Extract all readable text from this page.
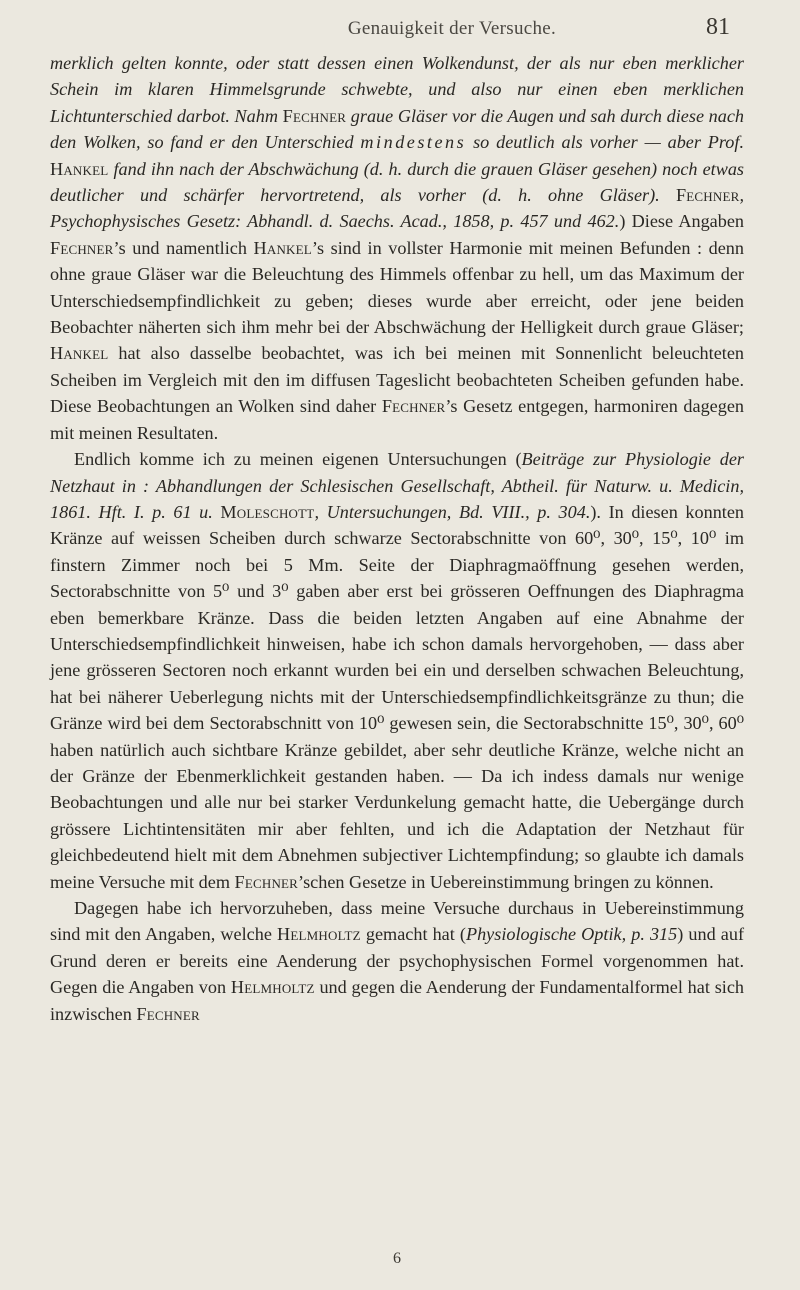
Genauigkeit der Versuche.	81

merklich gelten konnte, oder statt dessen einen Wolkendunst, der als nur eben merklicher Schein im klaren Himmelsgrunde schwebte, und also nur einen eben merklichen Lichtunterschied darbot. Nahm Fechner graue Gläser vor die Augen und sah durch diese nach den Wolken, so fand er den Unterschied mindestens so deutlich als vorher — aber Prof. Hankel fand ihn nach der Abschwächung (d. h. durch die grauen Gläser gesehen) noch etwas deutlicher und schärfer hervortretend, als vorher (d. h. ohne Gläser). Fechner, Psychophysisches Gesetz: Abhandl. d. Saechs. Acad., 1858, p. 457 und 462.) Diese Angaben Fechner’s und namentlich Hankel’s sind in vollster Harmonie mit meinen Befunden : denn ohne graue Gläser war die Beleuchtung des Himmels offenbar zu hell, um das Maximum der Unterschiedsempfindlichkeit zu geben; dieses wurde aber erreicht, oder jene beiden Beobachter näherten sich ihm mehr bei der Abschwächung der Helligkeit durch graue Gläser; Hankel hat also dasselbe beobachtet, was ich bei meinen mit Sonnenlicht beleuchteten Scheiben im Vergleich mit den im diffusen Tageslicht beobachteten Scheiben gefunden habe. Diese Beobachtungen an Wolken sind daher Fechner’s Gesetz entgegen, harmoniren dagegen mit meinen Resultaten.

Endlich komme ich zu meinen eigenen Untersuchungen (Beiträge zur Physiologie der Netzhaut in : Abhandlungen der Schlesischen Gesellschaft, Abtheil. für Naturw. u. Medicin, 1861. Hft. I. p. 61 u. Moleschott, Untersuchungen, Bd. VIII., p. 304.). In diesen konnten Kränze auf weissen Scheiben durch schwarze Sectorabschnitte von 60⁰, 30⁰, 15⁰, 10⁰ im finstern Zimmer noch bei 5 Mm. Seite der Diaphragmaöffnung gesehen werden, Sectorabschnitte von 5⁰ und 3⁰ gaben aber erst bei grösseren Oeffnungen des Diaphragma eben bemerkbare Kränze. Dass die beiden letzten Angaben auf eine Abnahme der Unterschiedsempfindlichkeit hinweisen, habe ich schon damals hervorgehoben, — dass aber jene grösseren Sectoren noch erkannt wurden bei ein und derselben schwachen Beleuchtung, hat bei näherer Ueberlegung nichts mit der Unterschiedsempfindlichkeitsgränze zu thun; die Gränze wird bei dem Sectorabschnitt von 10⁰ gewesen sein, die Sectorabschnitte 15⁰, 30⁰, 60⁰ haben natürlich auch sichtbare Kränze gebildet, aber sehr deutliche Kränze, welche nicht an der Gränze der Ebenmerklichkeit gestanden haben. — Da ich indess damals nur wenige Beobachtungen und alle nur bei starker Verdunkelung gemacht hatte, die Uebergänge durch grössere Lichtintensitäten mir aber fehlten, und ich die Adaptation der Netzhaut für gleichbedeutend hielt mit dem Abnehmen subjectiver Lichtempfindung; so glaubte ich damals meine Versuche mit dem Fechner’schen Gesetze in Uebereinstimmung bringen zu können.

Dagegen habe ich hervorzuheben, dass meine Versuche durchaus in Uebereinstimmung sind mit den Angaben, welche Helmholtz gemacht hat (Physiologische Optik, p. 315) und auf Grund deren er bereits eine Aenderung der psychophysischen Formel vorgenommen hat. Gegen die Angaben von Helmholtz und gegen die Aenderung der Fundamentalformel hat sich inzwischen Fechner

6
